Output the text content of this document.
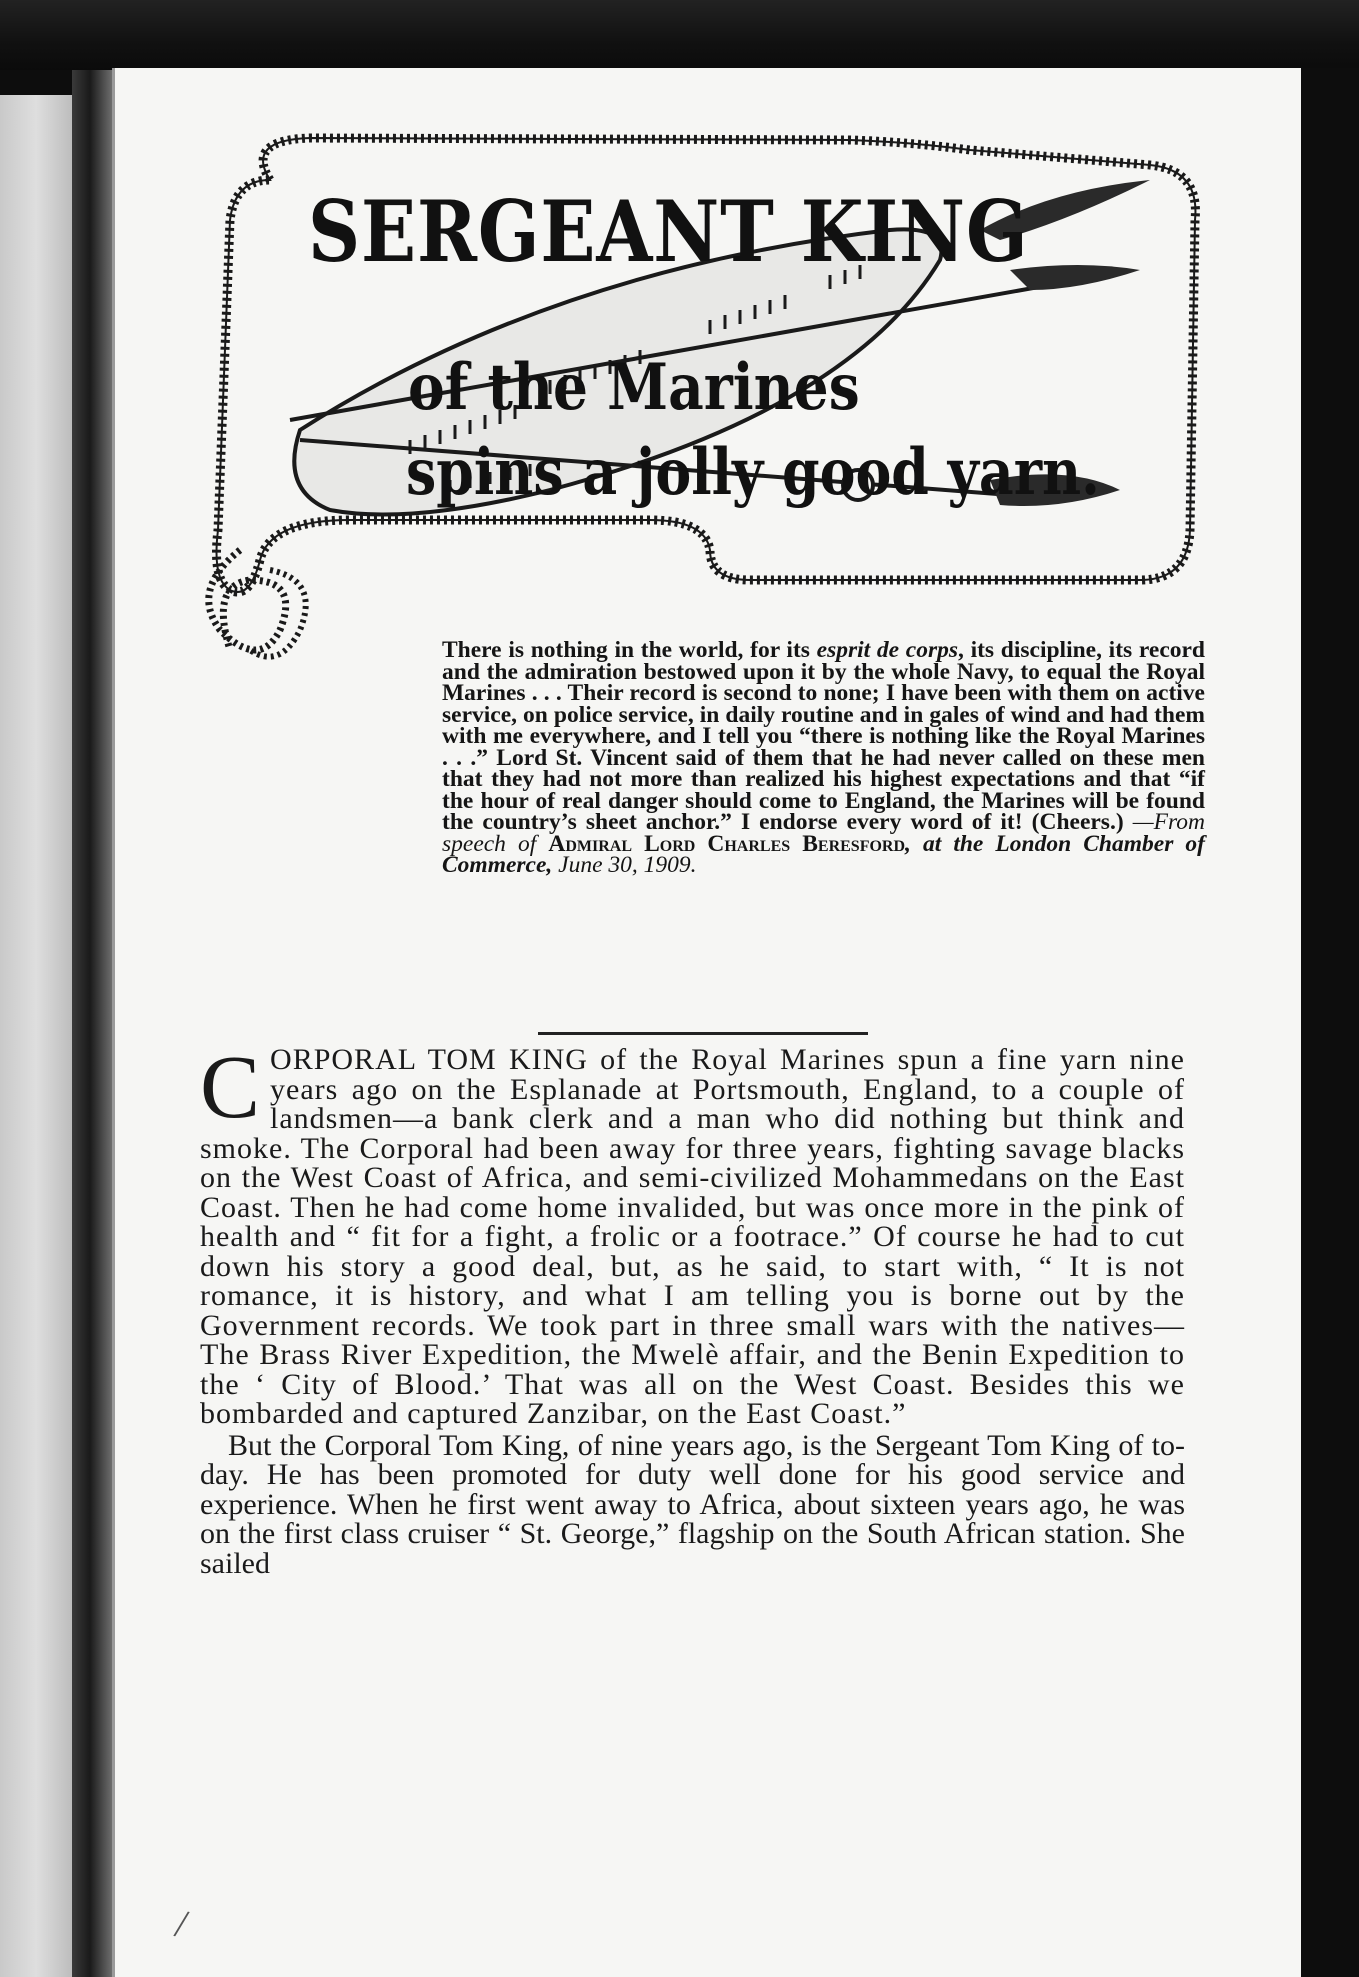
SERGEANT KING
of the Marines
spins a jolly good yarn.
There is nothing in the world, for its esprit de corps, its discipline, its record and the admiration bestowed upon it by the whole Navy, to equal the Royal Marines . . . Their record is second to none; I have been with them on active service, on police service, in daily routine and in gales of wind and had them with me everywhere, and I tell you “there is nothing like the Royal Marines . . .” Lord St. Vincent said of them that he had never called on these men that they had not more than realized his highest expectations and that “if the hour of real danger should come to England, the Marines will be found the country’s sheet anchor.” I endorse every word of it! (Cheers.) —From speech of Admiral Lord Charles Beresford, at the London Chamber of Commerce, June 30, 1909.

CORPORAL TOM KING of the Royal Marines spun a fine yarn nine years ago on the Esplanade at Portsmouth, England, to a couple of landsmen—a bank clerk and a man who did nothing but think and smoke. The Corporal had been away for three years, fighting savage blacks on the West Coast of Africa, and semi-civilized Mohammedans on the East Coast. Then he had come home invalided, but was once more in the pink of health and “ fit for a fight, a frolic or a footrace.” Of course he had to cut down his story a good deal, but, as he said, to start with, “ It is not romance, it is history, and what I am telling you is borne out by the Government records. We took part in three small wars with the natives—The Brass River Expedition, the Mwelè affair, and the Benin Expedition to the ‘ City of Blood.’ That was all on the West Coast. Besides this we bombarded and captured Zanzibar, on the East Coast.”

But the Corporal Tom King, of nine years ago, is the Sergeant Tom King of to-day. He has been promoted for duty well done for his good service and experience. When he first went away to Africa, about sixteen years ago, he was on the first class cruiser “ St. George,” flagship on the South African station. She sailed

/
